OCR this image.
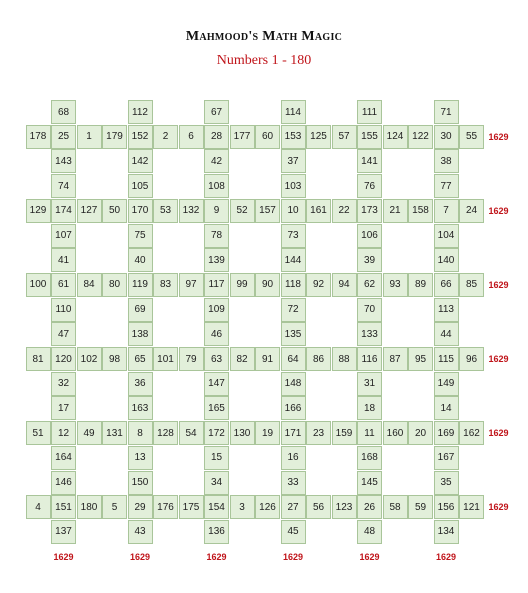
Mahmood's Math Magic
Numbers 1 - 180
68	112	67	114	111	71
178	25	1	179 152	2	6	28	177	60	153 125	57	155 124 122	30	55	1629
143	142	42	37	141	38
74	105	108	103	76	77
129 174 127	50	170	53	132	9	52	157	10	161	22	173	21	158	7	24	1629
107	75	78	73	106	104
41	40	139	144	39	140
100	61	84	80	119	83	97	117	99	90	118	92	94	62	93	89	66	85	1629
110	69	109	72	70	113
47	138	46	135	133	44
81	120 102	98	65	101	79	63	82	91	64	86	88	116	87	95	115	96	1629
32	36	147	148	31	149
17	163	165	166	18	14
51	12	49	131	8	128	54	172 130	19	171	23	159	11	160	20	169 162 1629
164	13	15	16	168	167
146	150	34	33	145	35
4	151 180	5	29	176 175 154	3	126	27	56	123	26	58	59	156 121 1629
137	43	136	45	48	134
1629	1629	1629	1629	1629	1629
